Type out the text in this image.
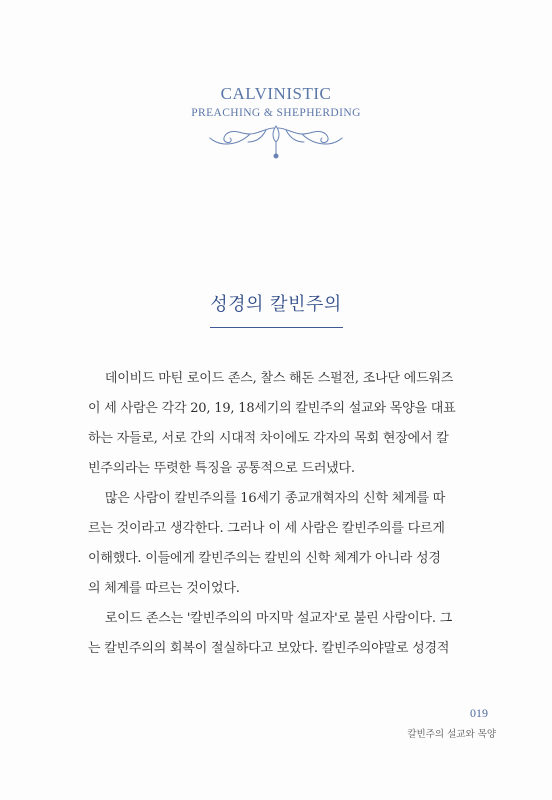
CALVINISTIC
PREACHING & SHEPHERDING
성경의 칼빈주의
데이비드 마틴 로이드 존스, 찰스 해돈 스펄전, 조나단 에드워즈
이 세 사람은 각각 20, 19, 18세기의 칼빈주의 설교와 목양을 대표
하는 자들로, 서로 간의 시대적 차이에도 각자의 목회 현장에서 칼
빈주의라는 뚜렷한 특징을 공통적으로 드러냈다.
많은 사람이 칼빈주의를 16세기 종교개혁자의 신학 체계를 따
르는 것이라고 생각한다. 그러나 이 세 사람은 칼빈주의를 다르게
이해했다. 이들에게 칼빈주의는 칼빈의 신학 체계가 아니라 성경
의 체계를 따르는 것이었다.
로이드 존스는 '칼빈주의의 마지막 설교자'로 불린 사람이다. 그
는 칼빈주의의 회복이 절실하다고 보았다. 칼빈주의야말로 성경적
019
칼빈주의 설교와 목양
